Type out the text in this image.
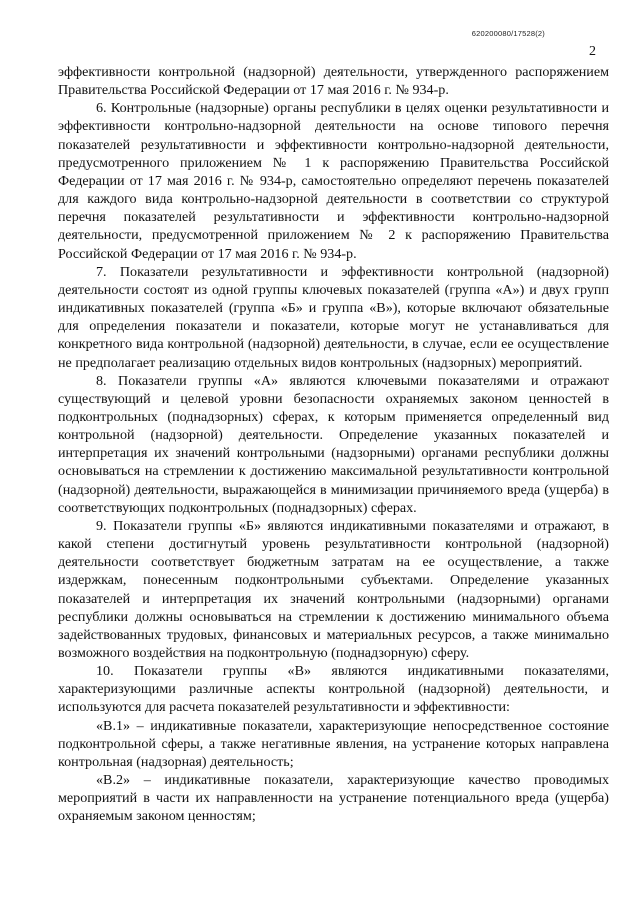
620200080/17528(2)
2

эффективности контрольной (надзорной) деятельности, утвержденного распоряжением Правительства Российской Федерации от 17 мая 2016 г. № 934-р.

6. Контрольные (надзорные) органы республики в целях оценки результативности и эффективности контрольно-надзорной деятельности на основе типового перечня показателей результативности и эффективности контрольно-надзорной деятельности, предусмотренного приложением № 1 к распоряжению Правительства Российской Федерации от 17 мая 2016 г. № 934-р, самостоятельно определяют перечень показателей для каждого вида контрольно-надзорной деятельности в соответствии со структурой перечня показателей результативности и эффективности контрольно-надзорной деятельности, предусмотренной приложением № 2 к распоряжению Правительства Российской Федерации от 17 мая 2016 г. № 934-р.

7. Показатели результативности и эффективности контрольной (надзорной) деятельности состоят из одной группы ключевых показателей (группа «А») и двух групп индикативных показателей (группа «Б» и группа «В»), которые включают обязательные для определения показатели и показатели, которые могут не устанавливаться для конкретного вида контрольной (надзорной) деятельности, в случае, если ее осуществление не предполагает реализацию отдельных видов контрольных (надзорных) мероприятий.

8. Показатели группы «А» являются ключевыми показателями и отражают существующий и целевой уровни безопасности охраняемых законом ценностей в подконтрольных (поднадзорных) сферах, к которым применяется определенный вид контрольной (надзорной) деятельности. Определение указанных показателей и интерпретация их значений контрольными (надзорными) органами республики должны основываться на стремлении к достижению максимальной результативности контрольной (надзорной) деятельности, выражающейся в минимизации причиняемого вреда (ущерба) в соответствующих подконтрольных (поднадзорных) сферах.

9. Показатели группы «Б» являются индикативными показателями и отражают, в какой степени достигнутый уровень результативности контрольной (надзорной) деятельности соответствует бюджетным затратам на ее осуществление, а также издержкам, понесенным подконтрольными субъектами. Определение указанных показателей и интерпретация их значений контрольными (надзорными) органами республики должны основываться на стремлении к достижению минимального объема задействованных трудовых, финансовых и материальных ресурсов, а также минимально возможного воздействия на подконтрольную (поднадзорную) сферу.

10. Показатели группы «В» являются индикативными показателями, характеризующими различные аспекты контрольной (надзорной) деятельности, и используются для расчета показателей результативности и эффективности:

«В.1» – индикативные показатели, характеризующие непосредственное состояние подконтрольной сферы, а также негативные явления, на устранение которых направлена контрольная (надзорная) деятельность;

«В.2» – индикативные показатели, характеризующие качество проводимых мероприятий в части их направленности на устранение потенциального вреда (ущерба) охраняемым законом ценностям;
